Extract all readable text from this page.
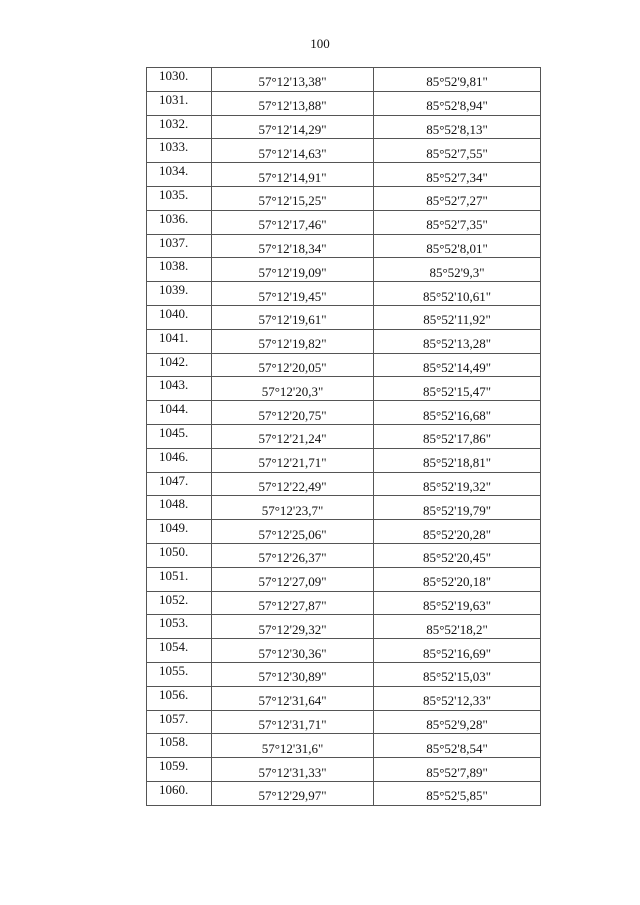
100
1030.	57°12'13,38"	85°52'9,81"
1031.	57°12'13,88"	85°52'8,94"
1032.	57°12'14,29"	85°52'8,13"
1033.	57°12'14,63"	85°52'7,55"
1034.	57°12'14,91"	85°52'7,34"
1035.	57°12'15,25"	85°52'7,27"
1036.	57°12'17,46"	85°52'7,35"
1037.	57°12'18,34"	85°52'8,01"
1038.	57°12'19,09"	85°52'9,3"
1039.	57°12'19,45"	85°52'10,61"
1040.	57°12'19,61"	85°52'11,92"
1041.	57°12'19,82"	85°52'13,28"
1042.	57°12'20,05"	85°52'14,49"
1043.	57°12'20,3"	85°52'15,47"
1044.	57°12'20,75"	85°52'16,68"
1045.	57°12'21,24"	85°52'17,86"
1046.	57°12'21,71"	85°52'18,81"
1047.	57°12'22,49"	85°52'19,32"
1048.	57°12'23,7"	85°52'19,79"
1049.	57°12'25,06"	85°52'20,28"
1050.	57°12'26,37"	85°52'20,45"
1051.	57°12'27,09"	85°52'20,18"
1052.	57°12'27,87"	85°52'19,63"
1053.	57°12'29,32"	85°52'18,2"
1054.	57°12'30,36"	85°52'16,69"
1055.	57°12'30,89"	85°52'15,03"
1056.	57°12'31,64"	85°52'12,33"
1057.	57°12'31,71"	85°52'9,28"
1058.	57°12'31,6"	85°52'8,54"
1059.	57°12'31,33"	85°52'7,89"
1060.	57°12'29,97"	85°52'5,85"
